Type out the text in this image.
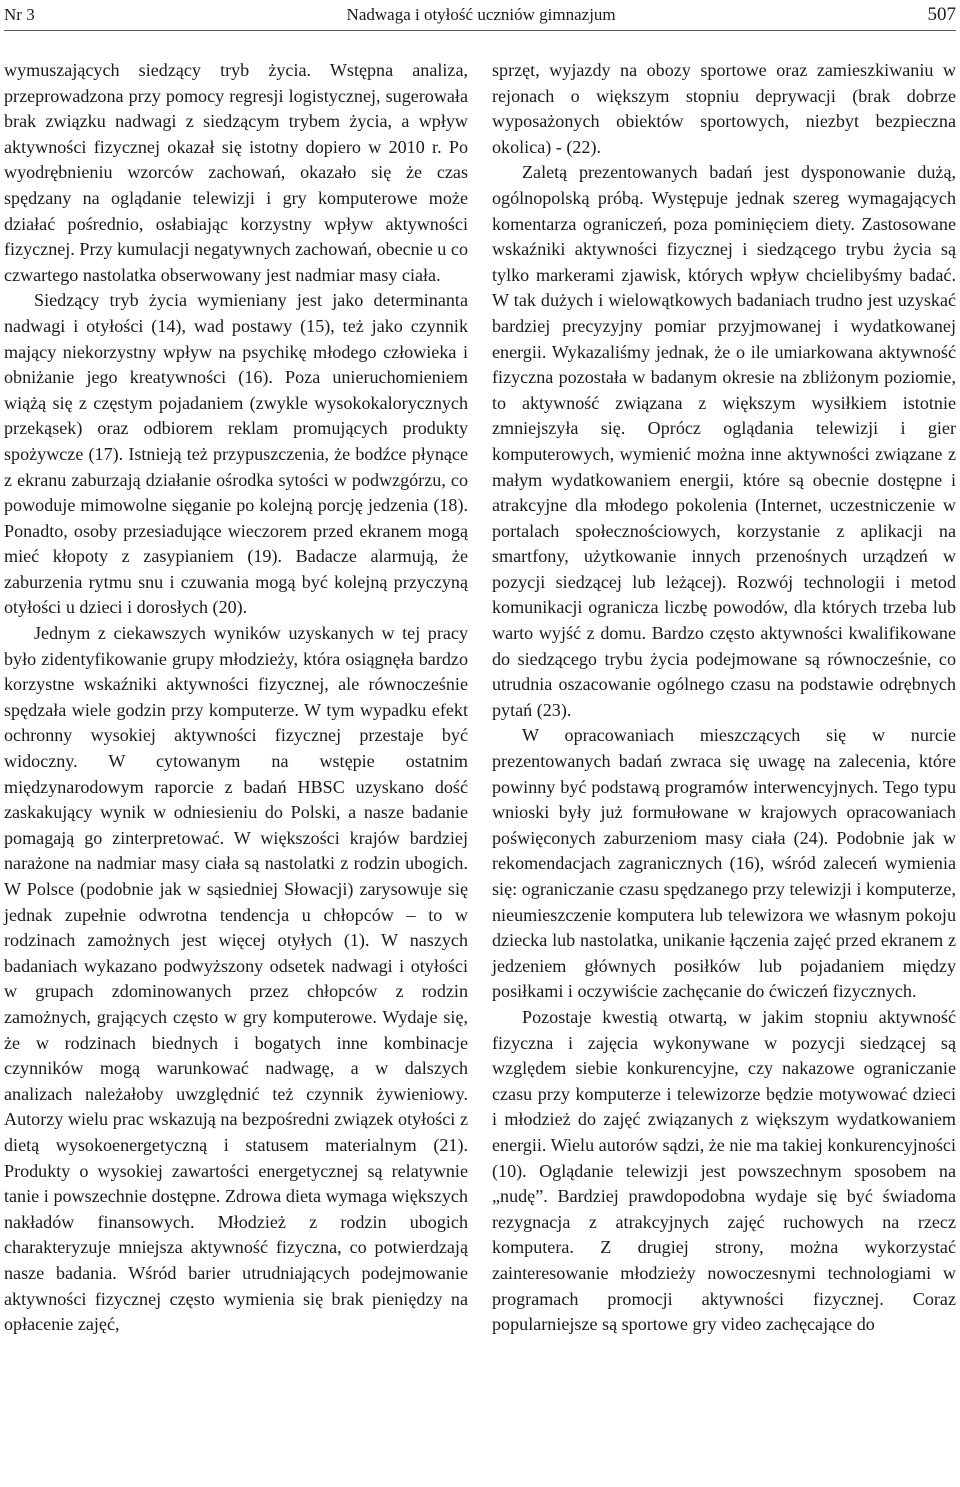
Nr 3	Nadwaga i otyłość uczniów gimnazjum	507

wymuszających siedzący tryb życia. Wstępna analiza, przeprowadzona przy pomocy regresji logistycznej, sugerowała brak związku nadwagi z siedzącym trybem życia, a wpływ aktywności fizycznej okazał się istotny dopiero w 2010 r. Po wyodrębnieniu wzorców zachowań, okazało się że czas spędzany na oglądanie telewizji i gry komputerowe może działać pośrednio, osłabiając korzystny wpływ aktywności fizycznej. Przy kumulacji negatywnych zachowań, obecnie u co czwartego nastolatka obserwowany jest nadmiar masy ciała.

Siedzący tryb życia wymieniany jest jako determinanta nadwagi i otyłości (14), wad postawy (15), też jako czynnik mający niekorzystny wpływ na psychikę młodego człowieka i obniżanie jego kreatywności (16). Poza unieruchomieniem wiążą się z częstym pojadaniem (zwykle wysokokalorycznych przekąsek) oraz odbiorem reklam promujących produkty spożywcze (17). Istnieją też przypuszczenia, że bodźce płynące z ekranu zaburzają działanie ośrodka sytości w podwzgórzu, co powoduje mimowolne sięganie po kolejną porcję jedzenia (18). Ponadto, osoby przesiadujące wieczorem przed ekranem mogą mieć kłopoty z zasypianiem (19). Badacze alarmują, że zaburzenia rytmu snu i czuwania mogą być kolejną przyczyną otyłości u dzieci i dorosłych (20).

Jednym z ciekawszych wyników uzyskanych w tej pracy było zidentyfikowanie grupy młodzieży, która osiągnęła bardzo korzystne wskaźniki aktywności fizycznej, ale równocześnie spędzała wiele godzin przy komputerze. W tym wypadku efekt ochronny wysokiej aktywności fizycznej przestaje być widoczny. W cytowanym na wstępie ostatnim międzynarodowym raporcie z badań HBSC uzyskano dość zaskakujący wynik w odniesieniu do Polski, a nasze badanie pomagają go zinterpretować. W większości krajów bardziej narażone na nadmiar masy ciała są nastolatki z rodzin ubogich. W Polsce (podobnie jak w sąsiedniej Słowacji) zarysowuje się jednak zupełnie odwrotna tendencja u chłopców – to w rodzinach zamożnych jest więcej otyłych (1). W naszych badaniach wykazano podwyższony odsetek nadwagi i otyłości w grupach zdominowanych przez chłopców z rodzin zamożnych, grających często w gry komputerowe. Wydaje się, że w rodzinach biednych i bogatych inne kombinacje czynników mogą warunkować nadwagę, a w dalszych analizach należałoby uwzględnić też czynnik żywieniowy. Autorzy wielu prac wskazują na bezpośredni związek otyłości z dietą wysokoenergetyczną i statusem materialnym (21). Produkty o wysokiej zawartości energetycznej są relatywnie tanie i powszechnie dostępne. Zdrowa dieta wymaga większych nakładów finansowych. Młodzież z rodzin ubogich charakteryzuje mniejsza aktywność fizyczna, co potwierdzają nasze badania. Wśród barier utrudniających podejmowanie aktywności fizycznej często wymienia się brak pieniędzy na opłacenie zajęć,

sprzęt, wyjazdy na obozy sportowe oraz zamieszkiwaniu w rejonach o większym stopniu deprywacji (brak dobrze wyposażonych obiektów sportowych, niezbyt bezpieczna okolica) - (22).

Zaletą prezentowanych badań jest dysponowanie dużą, ogólnopolską próbą. Występuje jednak szereg wymagających komentarza ograniczeń, poza pominięciem diety. Zastosowane wskaźniki aktywności fizycznej i siedzącego trybu życia są tylko markerami zjawisk, których wpływ chcielibyśmy badać. W tak dużych i wielowątkowych badaniach trudno jest uzyskać bardziej precyzyjny pomiar przyjmowanej i wydatkowanej energii. Wykazaliśmy jednak, że o ile umiarkowana aktywność fizyczna pozostała w badanym okresie na zbliżonym poziomie, to aktywność związana z większym wysiłkiem istotnie zmniejszyła się. Oprócz oglądania telewizji i gier komputerowych, wymienić można inne aktywności związane z małym wydatkowaniem energii, które są obecnie dostępne i atrakcyjne dla młodego pokolenia (Internet, uczestniczenie w portalach społecznościowych, korzystanie z aplikacji na smartfony, użytkowanie innych przenośnych urządzeń w pozycji siedzącej lub leżącej). Rozwój technologii i metod komunikacji ogranicza liczbę powodów, dla których trzeba lub warto wyjść z domu. Bardzo często aktywności kwalifikowane do siedzącego trybu życia podejmowane są równocześnie, co utrudnia oszacowanie ogólnego czasu na podstawie odrębnych pytań (23).

W opracowaniach mieszczących się w nurcie prezentowanych badań zwraca się uwagę na zalecenia, które powinny być podstawą programów interwencyjnych. Tego typu wnioski były już formułowane w krajowych opracowaniach poświęconych zaburzeniom masy ciała (24). Podobnie jak w rekomendacjach zagranicznych (16), wśród zaleceń wymienia się: ograniczanie czasu spędzanego przy telewizji i komputerze, nieumieszczenie komputera lub telewizora we własnym pokoju dziecka lub nastolatka, unikanie łączenia zajęć przed ekranem z jedzeniem głównych posiłków lub pojadaniem między posiłkami i oczywiście zachęcanie do ćwiczeń fizycznych.

Pozostaje kwestią otwartą, w jakim stopniu aktywność fizyczna i zajęcia wykonywane w pozycji siedzącej są względem siebie konkurencyjne, czy nakazowe ograniczanie czasu przy komputerze i telewizorze będzie motywować dzieci i młodzież do zajęć związanych z większym wydatkowaniem energii. Wielu autorów sądzi, że nie ma takiej konkurencyjności (10). Oglądanie telewizji jest powszechnym sposobem na „nudę”. Bardziej prawdopodobna wydaje się być świadoma rezygnacja z atrakcyjnych zajęć ruchowych na rzecz komputera. Z drugiej strony, można wykorzystać zainteresowanie młodzieży nowoczesnymi technologiami w programach promocji aktywności fizycznej. Coraz popularniejsze są sportowe gry video zachęcające do
